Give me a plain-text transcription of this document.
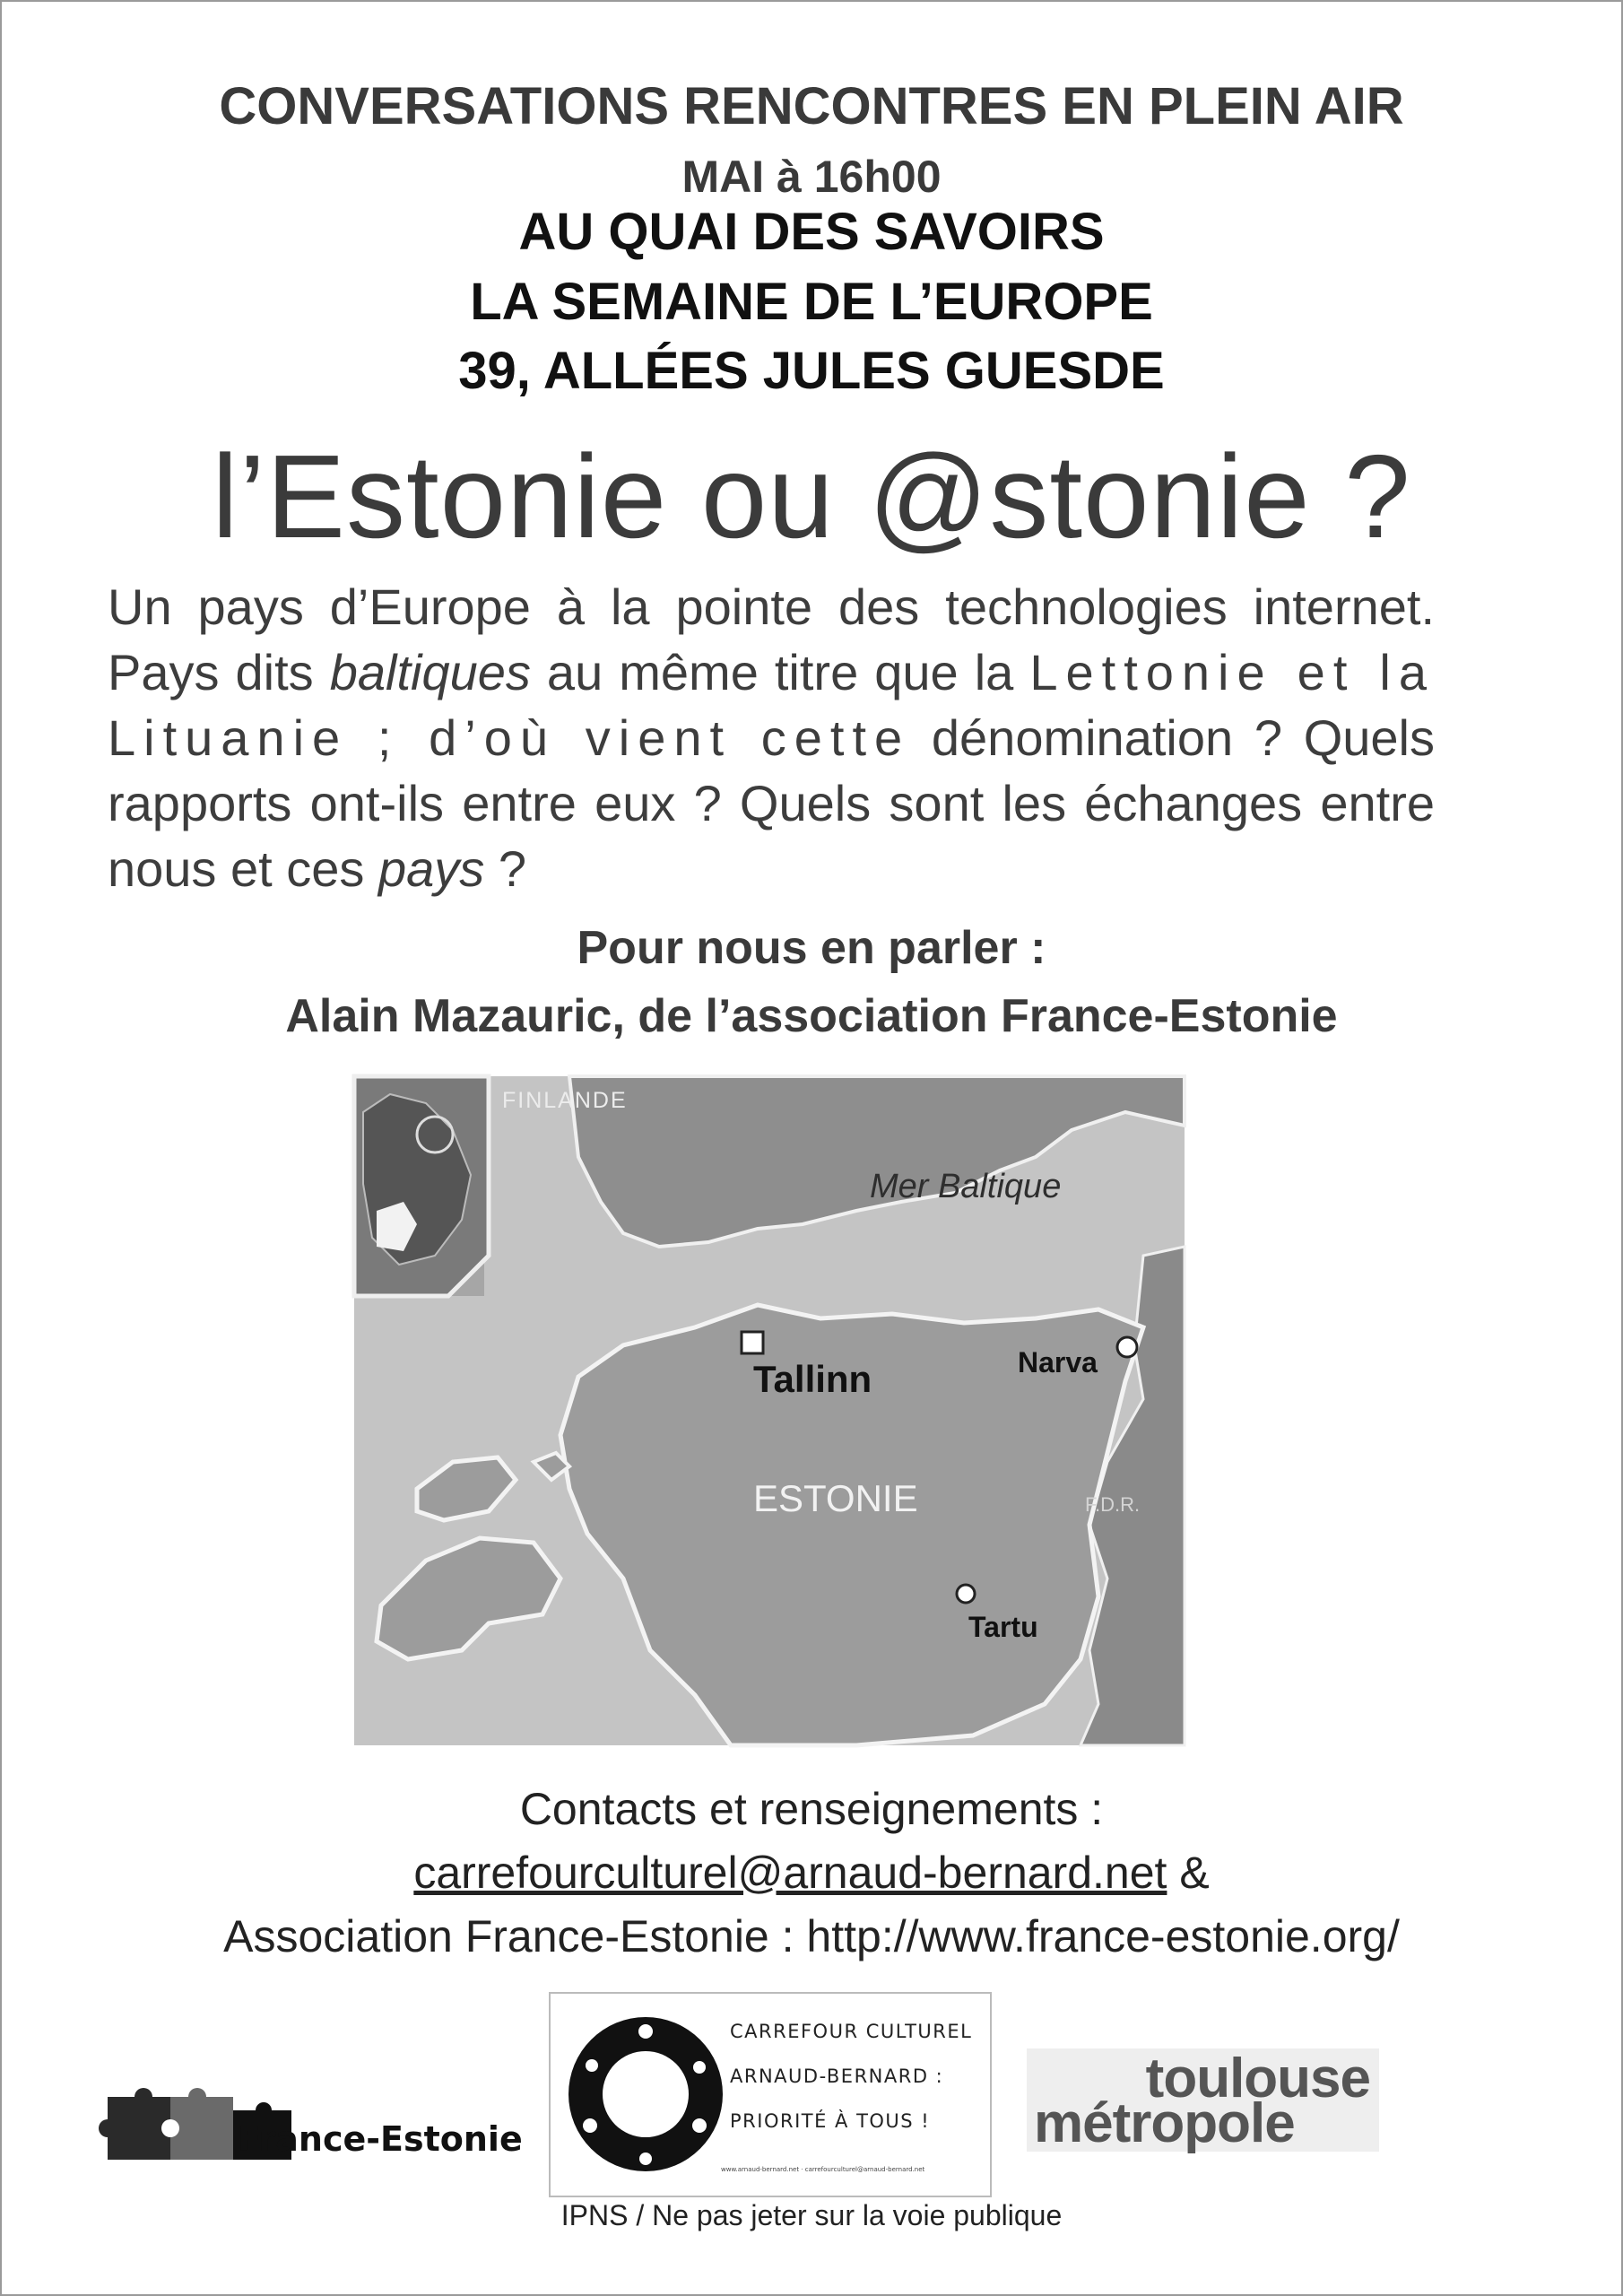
CONVERSATIONS RENCONTRES EN PLEIN AIR
MAI à 16h00
AU QUAI DES SAVOIRS
LA SEMAINE DE L’EUROPE
39, ALLÉES JULES GUESDE
l’Estonie ou @stonie ?
Un pays d’Europe à la pointe des technologies internet. Pays dits baltiques au même titre que la Lettonie et la Lituanie ; d’où vient cette dénomination ? Quels rapports ont-ils entre eux ? Quels sont les échanges entre nous et ces pays ?
Pour nous en parler :
Alain Mazauric, de l’association France-Estonie
FINLANDE
Mer Baltique
Tallinn	Narva
ESTONIE	F.D.R.
Tartu
Contacts et renseignements :
carrefourculturel@arnaud-bernard.net &
Association France-Estonie : http://www.france-estonie.org/
France-Estonie
CARREFOUR CULTUREL
ARNAUD-BERNARD :
PRIORITÉ À TOUS !
www.arnaud-bernard.net · carrefourculturel@arnaud-bernard.net
toulouse
métropole
IPNS / Ne pas jeter sur la voie publique
